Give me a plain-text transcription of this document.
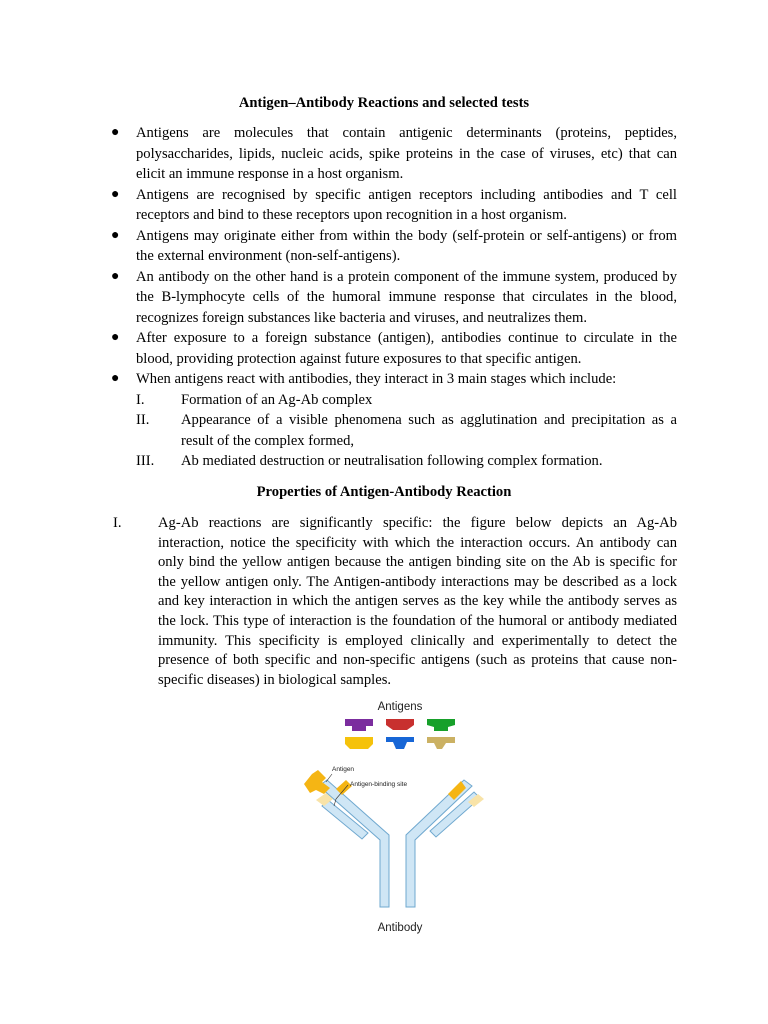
Antigen–Antibody Reactions and selected tests
● Antigens are molecules that contain antigenic determinants (proteins, peptides, polysaccharides, lipids, nucleic acids, spike proteins in the case of viruses, etc) that can elicit an immune response in a host organism.
● Antigens are recognised by specific antigen receptors including antibodies and T cell receptors and bind to these receptors upon recognition in a host organism.
● Antigens may originate either from within the body (self-protein or self-antigens) or from the external environment (non-self-antigens).
● An antibody on the other hand is a protein component of the immune system, produced by the B-lymphocyte cells of the humoral immune response that circulates in the blood, recognizes foreign substances like bacteria and viruses, and neutralizes them.
● After exposure to a foreign substance (antigen), antibodies continue to circulate in the blood, providing protection against future exposures to that specific antigen.
● When antigens react with antibodies, they interact in 3 main stages which include:
I. Formation of an Ag-Ab complex
II. Appearance of a visible phenomena such as agglutination and precipitation as a result of the complex formed,
III. Ab mediated destruction or neutralisation following complex formation.
Properties of Antigen-Antibody Reaction
I. Ag-Ab reactions are significantly specific: the figure below depicts an Ag-Ab interaction, notice the specificity with which the interaction occurs. An antibody can only bind the yellow antigen because the antigen binding site on the Ab is specific for the yellow antigen only. The Antigen-antibody interactions may be described as a lock and key interaction in which the antigen serves as the key while the antibody serves as the lock. This type of interaction is the foundation of the humoral or antibody mediated immunity. This specificity is employed clinically and experimentally to detect the presence of both specific and non-specific antigens (such as proteins that cause non-specific diseases) in biological samples.
Antigens
Antigen
Antigen-binding site
Antibody
